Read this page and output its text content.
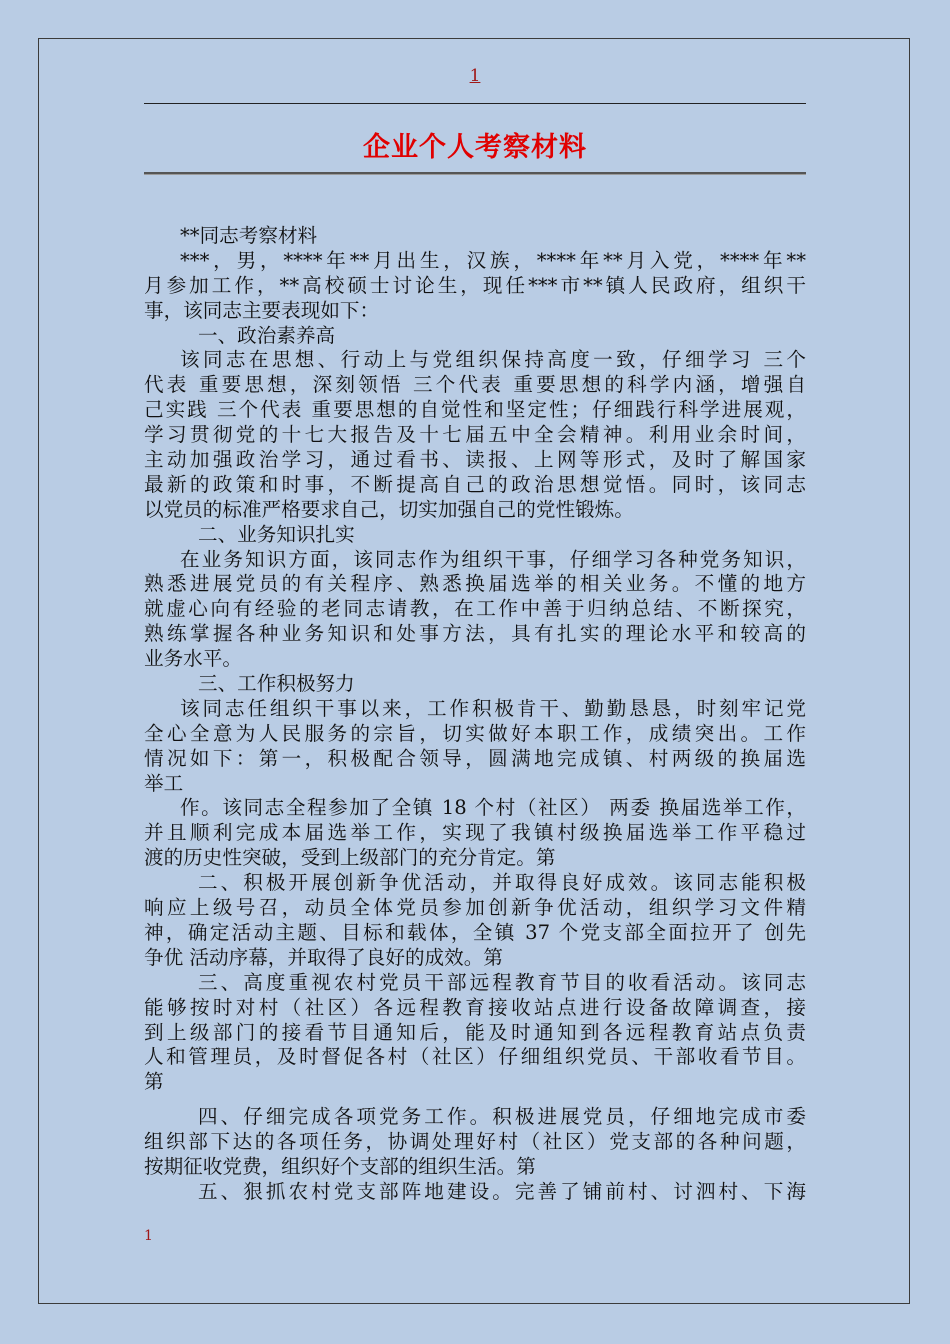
1
企业个人考察材料
**同志考察材料
***，男，****年**月出生，汉族，****年**月入党，****年**
月参加工作，**高校硕士讨论生，现任***市**镇人民政府，组织干
事，该同志主要表现如下：
一、政治素养高
该同志在思想、行动上与党组织保持高度一致，仔细学习 三个
代表 重要思想，深刻领悟 三个代表 重要思想的科学内涵，增强自
己实践 三个代表 重要思想的自觉性和坚定性；仔细践行科学进展观，
学习贯彻党的十七大报告及十七届五中全会精神。利用业余时间，
主动加强政治学习，通过看书、读报、上网等形式，及时了解国家
最新的政策和时事，不断提高自己的政治思想觉悟。同时，该同志
以党员的标准严格要求自己，切实加强自己的党性锻炼。
二、业务知识扎实
在业务知识方面，该同志作为组织干事，仔细学习各种党务知识，
熟悉进展党员的有关程序、熟悉换届选举的相关业务。不懂的地方
就虚心向有经验的老同志请教，在工作中善于归纳总结、不断探究，
熟练掌握各种业务知识和处事方法，具有扎实的理论水平和较高的
业务水平。
三、工作积极努力
该同志任组织干事以来，工作积极肯干、勤勤恳恳，时刻牢记党
全心全意为人民服务的宗旨，切实做好本职工作，成绩突出。工作
情况如下：第一，积极配合领导，圆满地完成镇、村两级的换届选
举工
作。该同志全程参加了全镇 18 个村（社区） 两委 换届选举工作，
并且顺利完成本届选举工作，实现了我镇村级换届选举工作平稳过
渡的历史性突破，受到上级部门的充分肯定。第
二、积极开展创新争优活动，并取得良好成效。该同志能积极
响应上级号召，动员全体党员参加创新争优活动，组织学习文件精
神，确定活动主题、目标和载体，全镇 37 个党支部全面拉开了 创先
争优 活动序幕，并取得了良好的成效。第
三、高度重视农村党员干部远程教育节目的收看活动。该同志
能够按时对村（社区）各远程教育接收站点进行设备故障调查，接
到上级部门的接看节目通知后，能及时通知到各远程教育站点负责
人和管理员，及时督促各村（社区）仔细组织党员、干部收看节目。
第
四、仔细完成各项党务工作。积极进展党员，仔细地完成市委
组织部下达的各项任务，协调处理好村（社区）党支部的各种问题，
按期征收党费，组织好个支部的组织生活。第
五、狠抓农村党支部阵地建设。完善了铺前村、讨泗村、下海
1
